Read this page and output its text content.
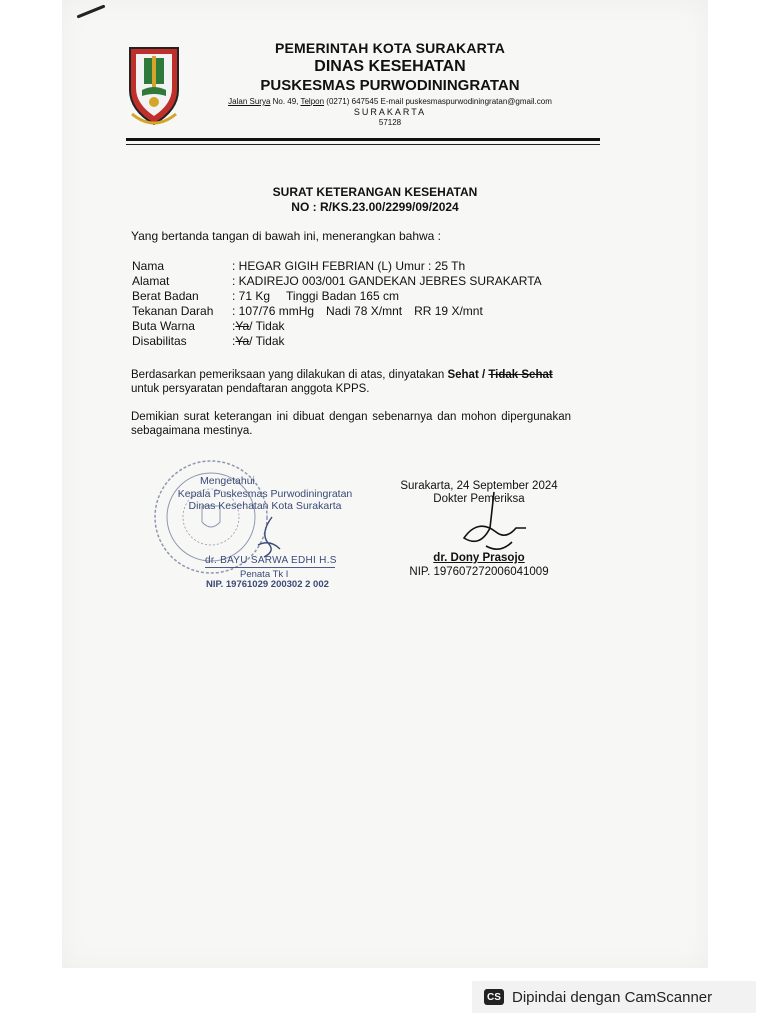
PEMERINTAH KOTA SURAKARTA
DINAS KESEHATAN
PUSKESMAS PURWODININGRATAN
Jalan Surya No. 49, Telpon (0271) 647545 E-mail puskesmaspurwodiningratan@gmail.com
SURAKARTA
57128
SURAT KETERANGAN KESEHATAN
NO : R/KS.23.00/2299/09/2024
Yang bertanda tangan di bawah ini, menerangkan bahwa :
Nama	: HEGAR GIGIH FEBRIAN (L) Umur : 25 Th
Alamat	: KADIREJO 003/001 GANDEKAN JEBRES SURAKARTA
Berat Badan	: 71 Kg Tinggi Badan 165 cm
Tekanan Darah	: 107/76 mmHg Nadi 78 X/mnt RR 19 X/mnt
Buta Warna	: Ya / Tidak
Disabilitas	: Ya / Tidak
Berdasarkan pemeriksaan yang dilakukan di atas, dinyatakan Sehat / Tidak Sehat
untuk persyaratan pendaftaran anggota KPPS.
Demikian surat keterangan ini dibuat dengan sebenarnya dan mohon dipergunakan sebagaimana mestinya.
Mengetahui
Kepala Puskesmas Purwodiningratan
Dinas Kesehatan Kota Surakarta
dr. BAYU SARWA EDHI H.S
Penata Tk I
NIP. 19761029 200302 2 002
Surakarta, 24 September 2024
Dokter Pemeriksa
dr. Dony Prasojo
NIP. 197607272006041009
CS Dipindai dengan CamScanner
